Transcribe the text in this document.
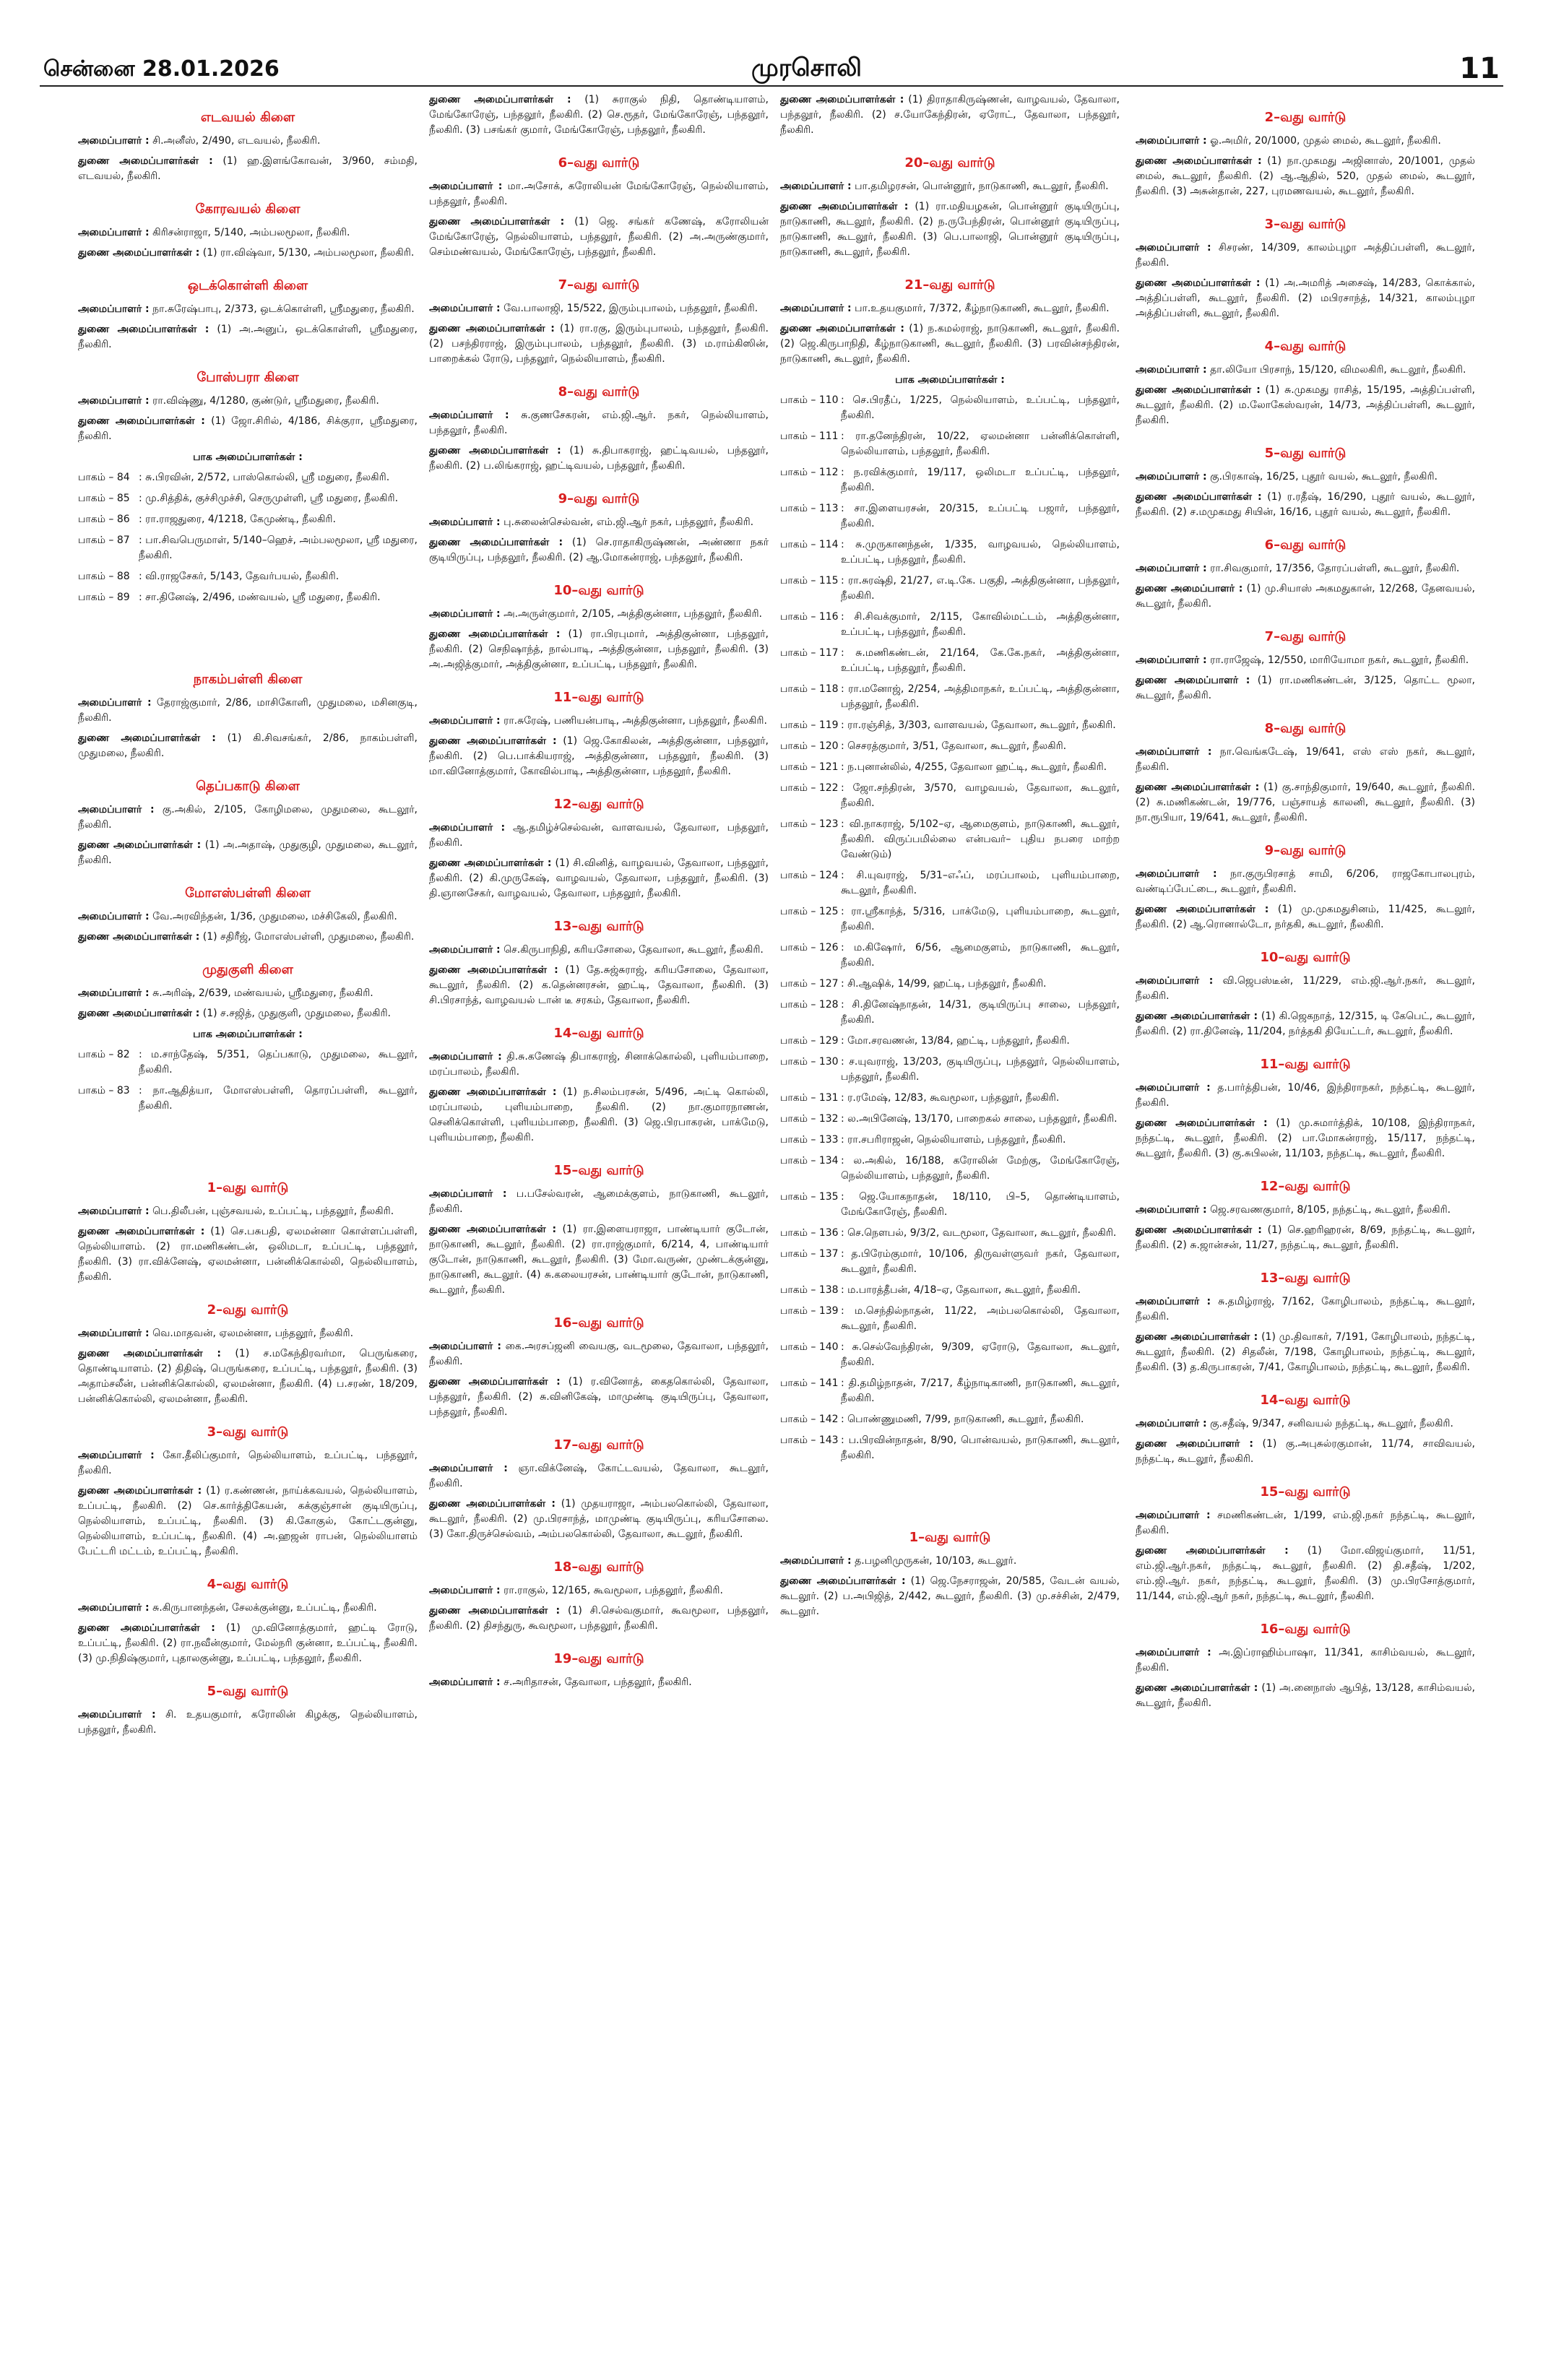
சென்னை 28.01.2026	முரசொலி	11
எடவயல் கிளை

அமைப்பாளர் : சி.அனீஸ், 2/490, எடவயல், நீலகிரி.

துணை அமைப்பாளர்கள் : (1) ஹ.இளங்கோவன், 3/960, சம்மதி, எடவயல், நீலகிரி.

கோரவயல் கிளை

அமைப்பாளர் : கிரிசன்ராஜா, 5/140, அம்பலமூலா, நீலகிரி.

துணை அமைப்பாளர்கள் : (1) ரா.விஷ்வா, 5/130, அம்பலமூலா, நீலகிரி.

ஒடக்கொள்ளி கிளை

அமைப்பாளர் : நா.சுரேஷ்பாபு, 2/373, ஒடக்கொள்ளி, ஸ்ரீமதுரை, நீலகிரி.

துணை அமைப்பாளர்கள் : (1) அ.அனுப், ஒடக்கொள்ளி, ஸ்ரீமதுரை, நீலகிரி.

போஸ்பரா கிளை

அமைப்பாளர் : ரா.விஷ்ணு, 4/1280, குண்டுர், ஸ்ரீமதுரை, நீலகிரி.

துணை அமைப்பாளர்கள் : (1) ஜோ.சிரில், 4/186, சிக்குரா, ஸ்ரீமதுரை, நீலகிரி.

பாக அமைப்பாளர்கள் :
பாகம் – 84 : சு.பிரவின், 2/572, பாஸ்கொல்லி, ஸ்ரீ மதுரை, நீலகிரி.
பாகம் – 85 : மு.சித்திக், குச்சிமுச்சி, செருமுள்ளி, ஸ்ரீ மதுரை, நீலகிரி.
பாகம் – 86 : ரா.ராஜதுரை, 4/1218, கேமுண்டி, நீலகிரி.
பாகம் – 87 : பா.சிவபெருமாள், 5/140–ஹெச், அம்பலமூலா, ஸ்ரீ மதுரை, நீலகிரி.
பாகம் – 88 : வி.ராஜசேகர், 5/143, தேவர்பயல், நீலகிரி.
பாகம் – 89 : சா.தினேஷ், 2/496, மண்வயல், ஸ்ரீ மதுரை, நீலகிரி.
நாகம்பள்ளி கிளை

அமைப்பாளர் : தேராஜ்குமார், 2/86, மாசிகோளி, முதுமலை, மசினகுடி, நீலகிரி.

துணை அமைப்பாளர்கள் : (1) கி.சிவசங்கர், 2/86, நாகம்பள்ளி, முதுமலை, நீலகிரி.

தெப்பகாடு கிளை

அமைப்பாளர் : கு.அகில், 2/105, கோழிமலை, முதுமலை, கூடலூர், நீலகிரி.

துணை அமைப்பாளர்கள் : (1) அ.அதாஷ், முதுகுழி, முதுமலை, கூடலூர், நீலகிரி.

மோஎஸ்பள்ளி கிளை

அமைப்பாளர் : வே.அரவிந்தன், 1/36, முதுமலை, மச்சிகேலி, நீலகிரி.

துணை அமைப்பாளர்கள் : (1) சதிரீஜ், மோஎஸ்பள்ளி, முதுமலை, நீலகிரி.

முதுகுளி கிளை

அமைப்பாளர் : சு.அரிஷ், 2/639, மண்வயல், ஸ்ரீமதுரை, நீலகிரி.

துணை அமைப்பாளர்கள் : (1) ச.சஜித், முதுகுளி, முதுமலை, நீலகிரி.

பாக அமைப்பாளர்கள் :
பாகம் – 82 : ம.சாந்தேஷ், 5/351, தெப்பகாடு, முதுமலை, கூடலூர், நீலகிரி.
பாகம் – 83 : நா.ஆதித்யா, மோஎஸ்பள்ளி, தொரப்பள்ளி, கூடலூர், நீலகிரி.
1–வது வார்டு

அமைப்பாளர் : பெ.திலீபன், புஞ்சவயல், உப்பட்டி, பந்தலூர், நீலகிரி.

துணை அமைப்பாளர்கள் : (1) செ.பசுபதி, ஏலமன்னா கொள்ளப்பள்ளி, நெல்லியாளம். (2) ரா.மணிகண்டன், ஒலிமடா, உப்பட்டி, பந்தலூர், நீலகிரி. (3) ரா.விக்னேஷ், ஏலமன்னா, பன்னிக்கொல்லி, நெல்லியாளம், நீலகிரி.

2–வது வார்டு

அமைப்பாளர் : வெ.மாதவன், ஏலமன்னா, பந்தலூர், நீலகிரி.

துணை அமைப்பாளர்கள் : (1) ச.மகேந்திரவர்மா, பெருங்கரை, தொண்டியாளம். (2) திதிஷ், பெருங்கரை, உப்பட்டி, பந்தலூர், நீலகிரி. (3) அதாம்சலீன், பன்னிக்கொல்லி, ஏலமன்னா, நீலகிரி. (4) ப.சரண், 18/209, பன்னிக்கொல்லி, ஏலமன்னா, நீலகிரி.

3–வது வார்டு

அமைப்பாளர் : கோ.தீலிப்குமார், நெல்லியாளம், உப்பட்டி, பந்தலூர், நீலகிரி.

துணை அமைப்பாளர்கள் : (1) ர.கண்ணன், நாய்க்கவயல், நெல்லியாளம், உப்பட்டி, நீலகிரி. (2) செ.கார்த்திகேயன், கக்குஞ்சான் குடியிருப்பு, நெல்லியாளம், உப்பட்டி, நீலகிரி. (3) கி.கோகுல், கோட்டகுன்னு, நெல்லியாளம், உப்பட்டி, நீலகிரி. (4) அ.ஹஜன் ராபன், நெல்லியாளம் பேட்டரி மட்டம், உப்பட்டி, நீலகிரி.

4–வது வார்டு

அமைப்பாளர் : சு.கிருபானந்தன், சேலக்குன்னு, உப்பட்டி, நீலகிரி.

துணை அமைப்பாளர்கள் : (1) மு.வினோத்குமார், ஹட்டி ரோடு, உப்பட்டி, நீலகிரி. (2) ரா.நவீன்குமார், மேல்நரி குன்னா, உப்பட்டி, நீலகிரி. (3) மு.நிதிஷ்குமார், புதாலகுன்னு, உப்பட்டி, பந்தலூர், நீலகிரி.

5–வது வார்டு

அமைப்பாளர் : சி. உதயகுமார், கரோலின் கிழக்கு, நெல்லியாளம், பந்தலூர், நீலகிரி.

துணை அமைப்பாளர்கள் : (1) சுராகுல் நிதி, தொண்டியாளம், மேங்கோரேஞ், பந்தலூர், நீலகிரி. (2) செ.ரூதர், மேங்கோரேஞ், பந்தலூர், நீலகிரி. (3) பசங்கர் குமார், மேங்கோரேஞ், பந்தலூர், நீலகிரி.

6–வது வார்டு

அமைப்பாளர் : மா.அசோக், கரோலியன் மேங்கோரேஞ், நெல்லியாளம், பந்தலூர், நீலகிரி.

துணை அமைப்பாளர்கள் : (1) ஜெ. சங்கர் கணேஷ், கரோலியன் மேங்கோரேஞ், நெல்லியாளம், பந்தலூர், நீலகிரி. (2) அ.அருண்குமார், செம்மண்வயல், மேங்கோரேஞ், பந்தலூர், நீலகிரி.

7–வது வார்டு

அமைப்பாளர் : வே.பாலாஜி, 15/522, இரும்புபாலம், பந்தலூர், நீலகிரி.

துணை அமைப்பாளர்கள் : (1) ரா.ரகு, இரும்புபாலம், பந்தலூர், நீலகிரி. (2) பசந்திரராஜ், இரும்புபாலம், பந்தலூர், நீலகிரி. (3) ம.ராம்கிஸின், பாறைக்கல் ரோடு, பந்தலூர், நெல்லியாளம், நீலகிரி.

8–வது வார்டு

அமைப்பாளர் : சு.குணசேகரன், எம்.ஜி.ஆர். நகர், நெல்லியாளம், பந்தலூர், நீலகிரி.

துணை அமைப்பாளர்கள் : (1) சு.திபாகராஜ், ஹட்டிவயல், பந்தலூர், நீலகிரி. (2) ப.லிங்கராஜ், ஹட்டிவயல், பந்தலூர், நீலகிரி.

9–வது வார்டு

அமைப்பாளர் : பு.சுலைன்செல்வன், எம்.ஜி.ஆர் நகர், பந்தலூர், நீலகிரி.

துணை அமைப்பாளர்கள் : (1) செ.ராதாகிருஷ்ணன், அண்ணா நகர் குடியிருப்பு, பந்தலூர், நீலகிரி. (2) ஆ.மோகன்ராஜ், பந்தலூர், நீலகிரி.

10–வது வார்டு

அமைப்பாளர் : அ.அருள்குமார், 2/105, அத்திகுன்னா, பந்தலூர், நீலகிரி.

துணை அமைப்பாளர்கள் : (1) ரா.பிரபுமார், அத்திகுன்னா, பந்தலூர், நீலகிரி. (2) செநிஷாந்த், நால்பாடி, அத்திகுன்னா, பந்தலூர், நீலகிரி. (3) அ.அஜித்குமார், அத்திகுன்னா, உப்பட்டி, பந்தலூர், நீலகிரி.

11–வது வார்டு

அமைப்பாளர் : ரா.சுரேஷ், பணியன்பாடி, அத்திகுன்னா, பந்தலூர், நீலகிரி.

துணை அமைப்பாளர்கள் : (1) ஜெ.கோகிலன், அத்திகுன்னா, பந்தலூர், நீலகிரி. (2) பெ.பாக்கியராஜ், அத்திகுன்னா, பந்தலூர், நீலகிரி. (3) மா.வினோத்குமார், கோவில்பாடி, அத்திகுன்னா, பந்தலூர், நீலகிரி.

12–வது வார்டு

அமைப்பாளர் : ஆ.தமிழ்ச்செல்வன், வாளவயல், தேவாலா, பந்தலூர், நீலகிரி.

துணை அமைப்பாளர்கள் : (1) சி.வினித், வாழவயல், தேவாலா, பந்தலூர், நீலகிரி. (2) கி.முருகேஷ், வாழவயல், தேவாலா, பந்தலூர், நீலகிரி. (3) தி.ஞானசேகர், வாழவயல், தேவாலா, பந்தலூர், நீலகிரி.

13–வது வார்டு

அமைப்பாளர் : செ.கிருபாநிதி, கரியசோலை, தேவாலா, கூடலூர், நீலகிரி.

துணை அமைப்பாளர்கள் : (1) தே.சுஜ்சுராஜ், கரியசோலை, தேவாலா, கூடலூர், நீலகிரி. (2) க.தென்னரசன், ஹட்டி, தேவாலா, நீலகிரி. (3) சி.பிரசாந்த், வாழவயல் டான் டீ சரகம், தேவாலா, நீலகிரி.

14–வது வார்டு

அமைப்பாளர் : தி.சு.கணேஷ் திபாகராஜ், சினாக்கொல்லி, புளியம்பாறை, மரப்பாலம், நீலகிரி.

துணை அமைப்பாளர்கள் : (1) ந.சிலம்பரசன், 5/496, அட்டி கொல்லி, மரப்பாலம், புளியம்பாறை, நீலகிரி. (2) நா.குமாரநாணன், செனிக்கொள்ளி, புளியம்பாறை, நீலகிரி. (3) ஜெ.பிரபாகரன், பாக்மேடு, புளியம்பாறை, நீலகிரி.

15–வது வார்டு

அமைப்பாளர் : ப.பசேல்வரன், ஆமைக்குளம், நாடுகாணி, கூடலூர், நீலகிரி.

துணை அமைப்பாளர்கள் : (1) ரா.இளையராஜா, பாண்டியார் குடோன், நாடுகாணி, கூடலூர், நீலகிரி. (2) ரா.ராஜ்குமார், 6/214, 4, பாண்டியார் குடோன், நாடுகாணி, கூடலூர், நீலகிரி. (3) மோ.வருண், முண்டக்குன்னு, நாடுகாணி, கூடலூர். (4) சு.கலையரசன், பாண்டியார் குடோன், நாடுகாணி, கூடலூர், நீலகிரி.

16–வது வார்டு

அமைப்பாளர் : கை.அரசப்ஜனி வையகு, வடமூலை, தேவாலா, பந்தலூர், நீலகிரி.

துணை அமைப்பாளர்கள் : (1) ர.வினோத், கைதகொல்லி, தேவாலா, பந்தலூர், நீலகிரி. (2) சு.வினிகேஷ், மாமுண்டி குடியிருப்பு, தேவாலா, பந்தலூர், நீலகிரி.

17–வது வார்டு

அமைப்பாளர் : ஞா.விக்னேஷ், கோட்டவயல், தேவாலா, கூடலூர், நீலகிரி.

துணை அமைப்பாளர்கள் : (1) முதயராஜா, அம்பலகொல்லி, தேவாலா, கூடலூர், நீலகிரி. (2) மு.பிரசாந்த், மாமுண்டி குடியிருப்பு, கரியசோலை. (3) கோ.திருச்செல்வம், அம்பலகொல்லி, தேவாலா, கூடலூர், நீலகிரி.

18–வது வார்டு

அமைப்பாளர் : ரா.ராகுல், 12/165, கூவமூலா, பந்தலூர், நீலகிரி.

துணை அமைப்பாளர்கள் : (1) சி.செல்வகுமார், கூவமூலா, பந்தலூர், நீலகிரி. (2) திசந்துரு, கூவமூலா, பந்தலூர், நீலகிரி.

19–வது வார்டு

அமைப்பாளர் : ச.அரிதாசன், தேவாலா, பந்தலூர், நீலகிரி.

துணை அமைப்பாளர்கள் : (1) திராதாகிருஷ்ணன், வாழவயல், தேவாலா, பந்தலூர், நீலகிரி. (2) ச.யோகேந்திரன், ஏரோட், தேவாலா, பந்தலூர், நீலகிரி.

20–வது வார்டு

அமைப்பாளர் : பா.தமிழரசன், பொன்னூர், நாடுகாணி, கூடலூர், நீலகிரி.

துணை அமைப்பாளர்கள் : (1) ரா.மதியழகன், பொன்னூர் குடியிருப்பு, நாடுகாணி, கூடலூர், நீலகிரி. (2) ந.ருபேந்திரன், பொன்னூர் குடியிருப்பு, நாடுகாணி, கூடலூர், நீலகிரி. (3) பெ.பாலாஜி, பொன்னூர் குடியிருப்பு, நாடுகாணி, கூடலூர், நீலகிரி.

21–வது வார்டு

அமைப்பாளர் : பா.உதயகுமார், 7/372, கீழ்நாடுகாணி, கூடலூர், நீலகிரி.

துணை அமைப்பாளர்கள் : (1) ந.கமல்ராஜ், நாடுகாணி, கூடலூர், நீலகிரி. (2) ஜெ.கிருபாநிதி, கீழ்நாடுகாணி, கூடலூர், நீலகிரி. (3) பரவின்சந்திரன், நாடுகாணி, கூடலூர், நீலகிரி.

பாக அமைப்பாளர்கள் :
பாகம் – 110 : செ.பிரதீப், 1/225, நெல்லியாளம், உப்பட்டி, பந்தலூர், நீலகிரி.
பாகம் – 111 : ரா.தனேந்திரன், 10/22, ஏலமன்னா பன்னிக்கொள்ளி, நெல்லியாளம், பந்தலூர், நீலகிரி.
பாகம் – 112 : ந.ரவிக்குமார், 19/117, ஒலிமடா உப்பட்டி, பந்தலூர், நீலகிரி.
பாகம் – 113 : சா.இளையரசன், 20/315, உப்பட்டி பஜார், பந்தலூர், நீலகிரி.
பாகம் – 114 : சு.முருகானந்தன், 1/335, வாழவயல், நெல்லியாளம், உப்பட்டி, பந்தலூர், நீலகிரி.
பாகம் – 115 : ரா.சுரஷ்தி, 21/27, எ.டி.கே. பகுதி, அத்திகுன்னா, பந்தலூர், நீலகிரி.
பாகம் – 116 : சி.சிவக்குமார், 2/115, கோவில்மட்டம், அத்திகுன்னா, உப்பட்டி, பந்தலூர், நீலகிரி.
பாகம் – 117 : சு.மணிகண்டன், 21/164, கே.கே.நகர், அத்திகுன்னா, உப்பட்டி, பந்தலூர், நீலகிரி.
பாகம் – 118 : ரா.மனோஜ், 2/254, அத்திமாநகர், உப்பட்டி, அத்திகுன்னா, பந்தலூர், நீலகிரி.
பாகம் – 119 : ரா.ரஞ்சித், 3/303, வாளவயல், தேவாலா, கூடலூர், நீலகிரி.
பாகம் – 120 : செசரத்குமார், 3/51, தேவாலா, கூடலூர், நீலகிரி.
பாகம் – 121 : ந.புனான்லில், 4/255, தேவாலா ஹட்டி, கூடலூர், நீலகிரி.
பாகம் – 122 : ஜோ.சந்திரன், 3/570, வாழவயல், தேவாலா, கூடலூர், நீலகிரி.
பாகம் – 123 : வி.நாகராஜ், 5/102–ஏ, ஆமைகுளம், நாடுகாணி, கூடலூர், நீலகிரி. விருப்பமில்லை என்பவர்– புதிய நபரை மாற்ற வேண்டும்)
பாகம் – 124 : சி.யுவராஜ், 5/31–எஃப், மரப்பாலம், புளியம்பாறை, கூடலூர், நீலகிரி.
பாகம் – 125 : ரா.ஸ்ரீகாந்த், 5/316, பாக்மேடு, புளியம்பாறை, கூடலூர், நீலகிரி.
பாகம் – 126 : ம.கிஷோர், 6/56, ஆமைகுளம், நாடுகாணி, கூடலூர், நீலகிரி.
பாகம் – 127 : சி.ஆஷிக், 14/99, ஹட்டி, பந்தலூர், நீலகிரி.
பாகம் – 128 : சி.தினேஷ்நாதன், 14/31, குடியிருப்பு சாலை, பந்தலூர், நீலகிரி.
பாகம் – 129 : மோ.சரவணன், 13/84, ஹட்டி, பந்தலூர், நீலகிரி.
பாகம் – 130 : ச.யுவராஜ், 13/203, குடியிருப்பு, பந்தலூர், நெல்லியாளம், பந்தலூர், நீலகிரி.
பாகம் – 131 : ர.ரமேஷ், 12/83, கூவமூலா, பந்தலூர், நீலகிரி.
பாகம் – 132 : ல.அபினேஷ், 13/170, பாறைகல் சாலை, பந்தலூர், நீலகிரி.
பாகம் – 133 : ரா.சபரிராஜன், நெல்லியாளம், பந்தலூர், நீலகிரி.
பாகம் – 134 : ல.அகில், 16/188, கரோலின் மேற்கு, மேங்கோரேஞ், நெல்லியாளம், பந்தலூர், நீலகிரி.
பாகம் – 135 : ஜெ.யோகநாதன், 18/110, பி–5, தொண்டியாளம், மேங்கோரேஞ், நீலகிரி.
பாகம் – 136 : செ.நௌபல், 9/3/2, வடமூலா, தேவாலா, கூடலூர், நீலகிரி.
பாகம் – 137 : த.பிரேம்குமார், 10/106, திருவள்ளுவர் நகர், தேவாலா, கூடலூர், நீலகிரி.
பாகம் – 138 : ம.பாரத்தீபன், 4/18–ஏ, தேவாலா, கூடலூர், நீலகிரி.
பாகம் – 139 : ம.செந்தில்நாதன், 11/22, அம்பலகொல்லி, தேவாலா, கூடலூர், நீலகிரி.
பாகம் – 140 : சு.செல்வேந்திரன், 9/309, ஏரோடு, தேவாலா, கூடலூர், நீலகிரி.
பாகம் – 141 : தி.தமிழ்நாதன், 7/217, கீழ்நாடிகாணி, நாடுகாணி, கூடலூர், நீலகிரி.
பாகம் – 142 : பொண்ணுமணி, 7/99, நாடுகாணி, கூடலூர், நீலகிரி.
பாகம் – 143 : ப.பிரவின்நாதன், 8/90, பொன்வயல், நாடுகாணி, கூடலூர், நீலகிரி.
1–வது வார்டு

அமைப்பாளர் : த.பழனிமுருகன், 10/103, கூடலூர்.

துணை அமைப்பாளர்கள் : (1) ஜெ.நேசராஜன், 20/585, வேடன் வயல், கூடலூர். (2) ப.அபிஜித், 2/442, கூடலூர், நீலகிரி. (3) மு.சச்சின், 2/479, கூடலூர்.

2–வது வார்டு

அமைப்பாளர் : ஓ.அமிர், 20/1000, முதல் மைல், கூடலூர், நீலகிரி.

துணை அமைப்பாளர்கள் : (1) நா.முகமது அஜினாஸ், 20/1001, முதல் மைல், கூடலூர், நீலகிரி. (2) ஆ.ஆதில், 520, முதல் மைல், கூடலூர், நீலகிரி. (3) அசுன்தான், 227, புரமணவயல், கூடலூர், நீலகிரி.

3–வது வார்டு

அமைப்பாளர் : சிசரண், 14/309, காலம்புழா அத்திப்பள்ளி, கூடலூர், நீலகிரி.

துணை அமைப்பாளர்கள் : (1) அ.அமரித் அசைஷ், 14/283, கொக்கால், அத்திப்பள்ளி, கூடலூர், நீலகிரி. (2) மபிரசாந்த், 14/321, காலம்புழா அத்திப்பள்ளி, கூடலூர், நீலகிரி.

4–வது வார்டு

அமைப்பாளர் : தா.லியோ பிரசாந், 15/120, விமலகிரி, கூடலூர், நீலகிரி.

துணை அமைப்பாளர்கள் : (1) சு.முகமது ராசித், 15/195, அத்திப்பள்ளி, கூடலூர், நீலகிரி. (2) ம.லோகேஸ்வரன், 14/73, அத்திப்பள்ளி, கூடலூர், நீலகிரி.

5–வது வார்டு

அமைப்பாளர் : கு.பிரகாஷ், 16/25, புதூர் வயல், கூடலூர், நீலகிரி.

துணை அமைப்பாளர்கள் : (1) ர.ரதீஷ், 16/290, புதூர் வயல், கூடலூர், நீலகிரி. (2) ச.மமுகமது சியின், 16/16, புதூர் வயல், கூடலூர், நீலகிரி.

6–வது வார்டு

அமைப்பாளர் : ரா.சிவகுமார், 17/356, தோரப்பள்ளி, கூடலூர், நீலகிரி.

துணை அமைப்பாளர் : (1) மு.சியாஸ் அகமதுகான், 12/268, தேனவயல், கூடலூர், நீலகிரி.

7–வது வார்டு

அமைப்பாளர் : ரா.ராஜேஷ், 12/550, மாரியோமா நகர், கூடலூர், நீலகிரி.

துணை அமைப்பாளர் : (1) ரா.மணிகண்டன், 3/125, தொட்ட மூலா, கூடலூர், நீலகிரி.

8–வது வார்டு

அமைப்பாளர் : நா.வெங்கடேஷ், 19/641, எஸ் எஸ் நகர், கூடலூர், நீலகிரி.

துணை அமைப்பாளர்கள் : (1) கு.சாந்திகுமார், 19/640, கூடலூர், நீலகிரி. (2) சு.மணிகண்டன், 19/776, பஞ்சாயத் காலனி, கூடலூர், நீலகிரி. (3) நா.ரூபியா, 19/641, கூடலூர், நீலகிரி.

9–வது வார்டு

அமைப்பாளர் : நா.குருபிரசாத் சாமி, 6/206, ராஜகோபாலபுரம், வண்டிப்பேட்டை, கூடலூர், நீலகிரி.

துணை அமைப்பாளர்கள் : (1) மு.முகமதுசினம், 11/425, கூடலூர், நீலகிரி. (2) ஆ.ரொனால்டோ, நர்தகி, கூடலூர், நீலகிரி.

10–வது வார்டு

அமைப்பாளர் : வி.ஜெபஸ்டீன், 11/229, எம்.ஜி.ஆர்.நகர், கூடலூர், நீலகிரி.

துணை அமைப்பாளர்கள் : (1) கி.ஜெகநாத், 12/315, டி கேபெட், கூடலூர், நீலகிரி. (2) ரா.தினேஷ், 11/204, நர்த்தகி தியேட்டர், கூடலூர், நீலகிரி.

11–வது வார்டு

அமைப்பாளர் : த.பார்த்திபன், 10/46, இந்திராநகர், நந்தட்டி, கூடலூர், நீலகிரி.

துணை அமைப்பாளர்கள் : (1) மு.சுமார்த்திக், 10/108, இந்திராநகர், நந்தட்டி, கூடலூர், நீலகிரி. (2) பா.மோகன்ராஜ், 15/117, நந்தட்டி, கூடலூர், நீலகிரி. (3) கு.சுபிலன், 11/103, நந்தட்டி, கூடலூர், நீலகிரி.

12–வது வார்டு

அமைப்பாளர் : ஜெ.சரவணகுமார், 8/105, நந்தட்டி, கூடலூர், நீலகிரி.

துணை அமைப்பாளர்கள் : (1) செ.ஹரிஹரன், 8/69, நந்தட்டி, கூடலூர், நீலகிரி. (2) சு.ஜான்சன், 11/27, நந்தட்டி, கூடலூர், நீலகிரி.

13–வது வார்டு

அமைப்பாளர் : சு.தமிழ்ராஜ், 7/162, கோழிபாலம், நந்தட்டி, கூடலூர், நீலகிரி.

துணை அமைப்பாளர்கள் : (1) மு.திவாகர், 7/191, கோழிபாலம், நந்தட்டி, கூடலூர், நீலகிரி. (2) சிதலீன், 7/198, கோழிபாலம், நந்தட்டி, கூடலூர், நீலகிரி. (3) த.கிருபாகரன், 7/41, கோழிபாலம், நந்தட்டி, கூடலூர், நீலகிரி.

14–வது வார்டு

அமைப்பாளர் : கு.சதீஷ், 9/347, சனிவயல் நந்தட்டி, கூடலூர், நீலகிரி.

துணை அமைப்பாளர் : (1) கு.அபுசுல்ரகுமான், 11/74, சாவிவயல், நந்தட்டி, கூடலூர், நீலகிரி.

15–வது வார்டு

அமைப்பாளர் : சமணிகண்டன், 1/199, எம்.ஜி.நகர் நந்தட்டி, கூடலூர், நீலகிரி.

துணை அமைப்பாளர்கள் : (1) மோ.விஜய்குமார், 11/51, எம்.ஜி.ஆர்.நகர், நந்தட்டி, கூடலூர், நீலகிரி. (2) தி.சதீஷ், 1/202, எம்.ஜி.ஆர். நகர், நந்தட்டி, கூடலூர், நீலகிரி. (3) மு.பிரசோத்குமார், 11/144, எம்.ஜி.ஆர் நகர், நந்தட்டி, கூடலூர், நீலகிரி.

16–வது வார்டு

அமைப்பாளர் : அ.இப்ராஹிம்பாஷா, 11/341, காசிம்வயல், கூடலூர், நீலகிரி.

துணை அமைப்பாளர்கள் : (1) அ.னைநாஸ் ஆபித், 13/128, காசிம்வயல், கூடலூர், நீலகிரி.
